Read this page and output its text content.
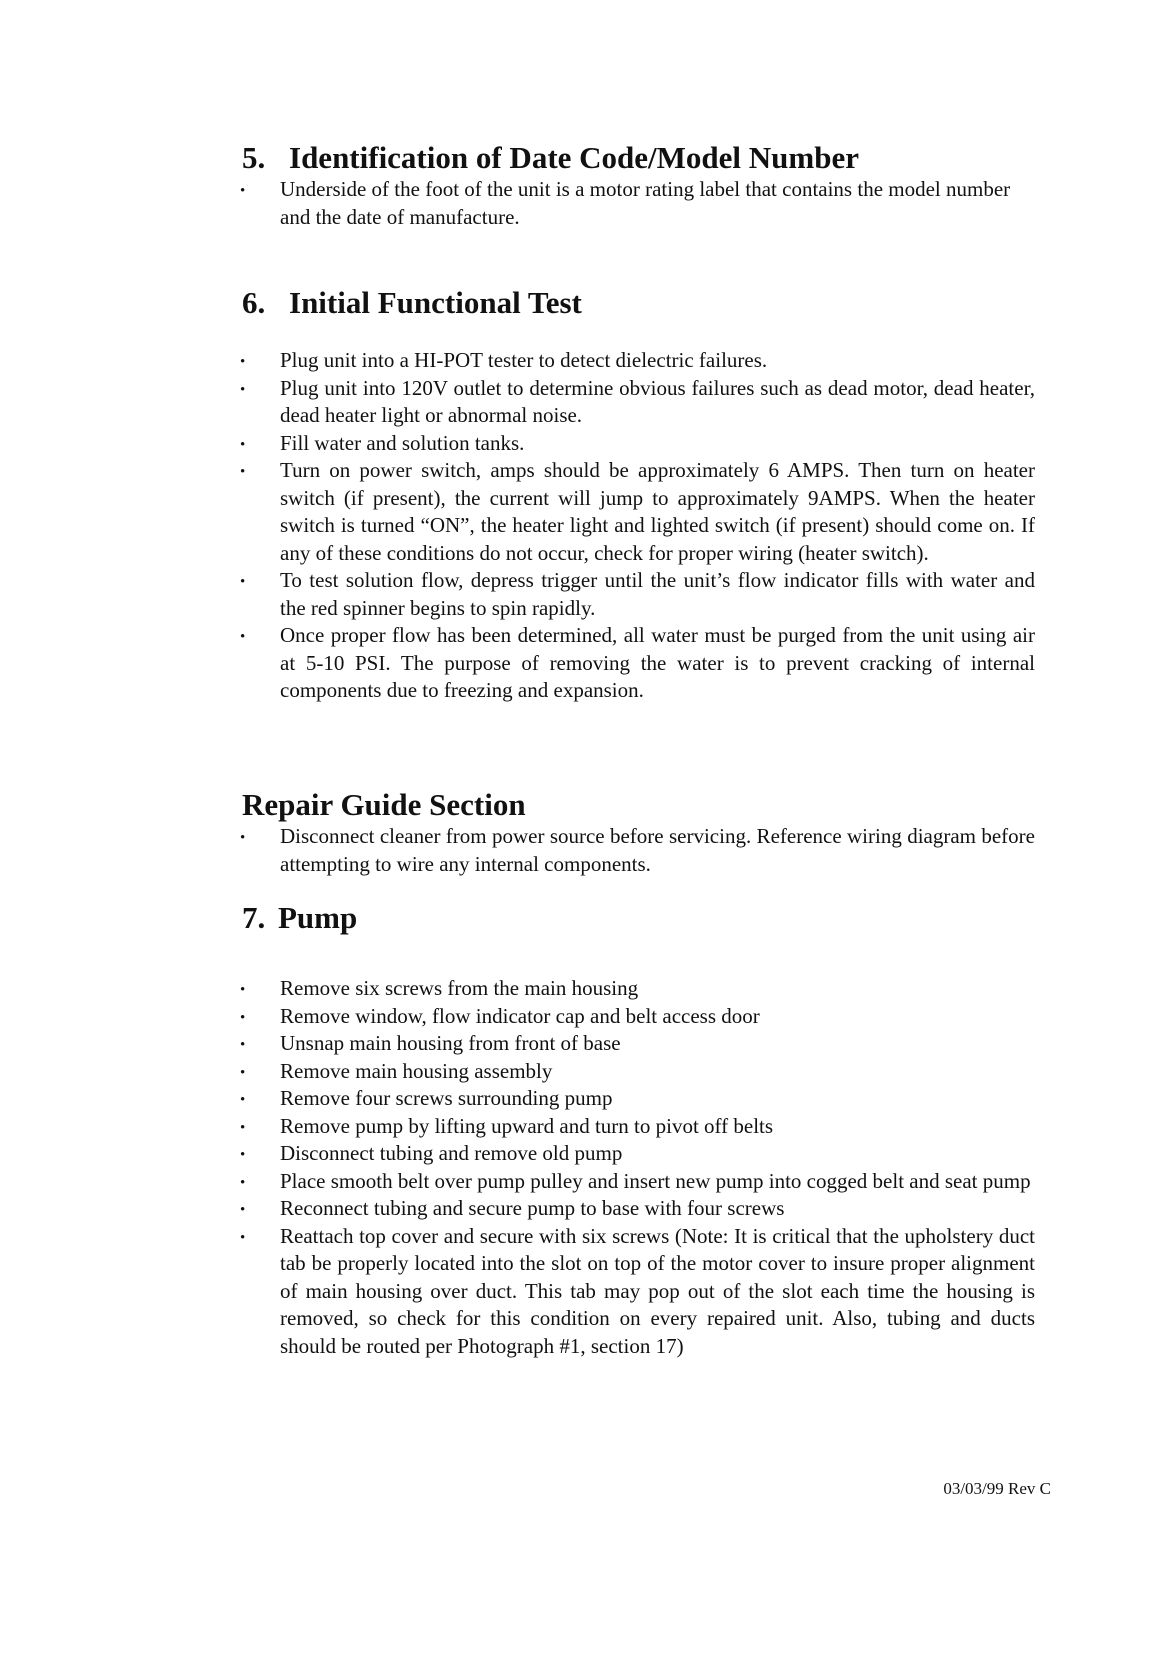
5. Identification of Date Code/Model Number
• Underside of the foot of the unit is a motor rating label that contains the model number and the date of manufacture.
6. Initial Functional Test
• Plug unit into a HI-POT tester to detect dielectric failures.
• Plug unit into 120V outlet to determine obvious failures such as dead motor, dead heater, dead heater light or abnormal noise.
• Fill water and solution tanks.
• Turn on power switch, amps should be approximately 6 AMPS. Then turn on heater switch (if present), the current will jump to approximately 9AMPS. When the heater switch is turned “ON”, the heater light and lighted switch (if present) should come on. If any of these conditions do not occur, check for proper wiring (heater switch).
• To test solution flow, depress trigger until the unit’s flow indicator fills with water and the red spinner begins to spin rapidly.
• Once proper flow has been determined, all water must be purged from the unit using air at 5-10 PSI. The purpose of removing the water is to prevent cracking of internal components due to freezing and expansion.
Repair Guide Section
• Disconnect cleaner from power source before servicing. Reference wiring diagram before attempting to wire any internal components.
7. Pump
• Remove six screws from the main housing
• Remove window, flow indicator cap and belt access door
• Unsnap main housing from front of base
• Remove main housing assembly
• Remove four screws surrounding pump
• Remove pump by lifting upward and turn to pivot off belts
• Disconnect tubing and remove old pump
• Place smooth belt over pump pulley and insert new pump into cogged belt and seat pump
• Reconnect tubing and secure pump to base with four screws
• Reattach top cover and secure with six screws (Note: It is critical that the upholstery duct tab be properly located into the slot on top of the motor cover to insure proper alignment of main housing over duct. This tab may pop out of the slot each time the housing is removed, so check for this condition on every repaired unit. Also, tubing and ducts should be routed per Photograph #1, section 17)
03/03/99 Rev C
